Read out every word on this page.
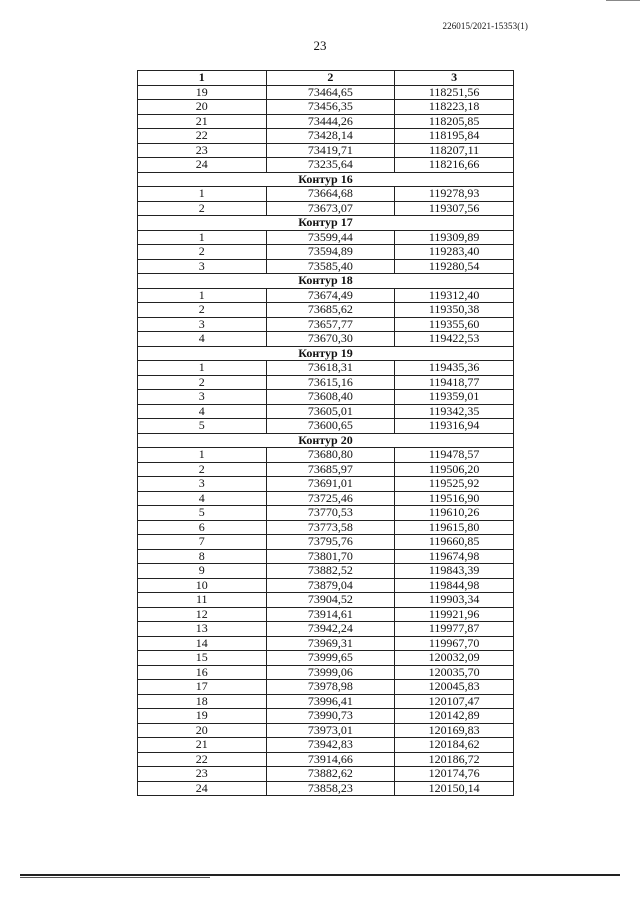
226015/2021-15353(1)
23
1	2	3
19	73464,65	118251,56
20	73456,35	118223,18
21	73444,26	118205,85
22	73428,14	118195,84
23	73419,71	118207,11
24	73235,64	118216,66
Контур 16		
1	73664,68	119278,93
2	73673,07	119307,56
Контур 17		
1	73599,44	119309,89
2	73594,89	119283,40
3	73585,40	119280,54
Контур 18		
1	73674,49	119312,40
2	73685,62	119350,38
3	73657,77	119355,60
4	73670,30	119422,53
Контур 19		
1	73618,31	119435,36
2	73615,16	119418,77
3	73608,40	119359,01
4	73605,01	119342,35
5	73600,65	119316,94
Контур 20		
1	73680,80	119478,57
2	73685,97	119506,20
3	73691,01	119525,92
4	73725,46	119516,90
5	73770,53	119610,26
6	73773,58	119615,80
7	73795,76	119660,85
8	73801,70	119674,98
9	73882,52	119843,39
10	73879,04	119844,98
11	73904,52	119903,34
12	73914,61	119921,96
13	73942,24	119977,87
14	73969,31	119967,70
15	73999,65	120032,09
16	73999,06	120035,70
17	73978,98	120045,83
18	73996,41	120107,47
19	73990,73	120142,89
20	73973,01	120169,83
21	73942,83	120184,62
22	73914,66	120186,72
23	73882,62	120174,76
24	73858,23	120150,14
